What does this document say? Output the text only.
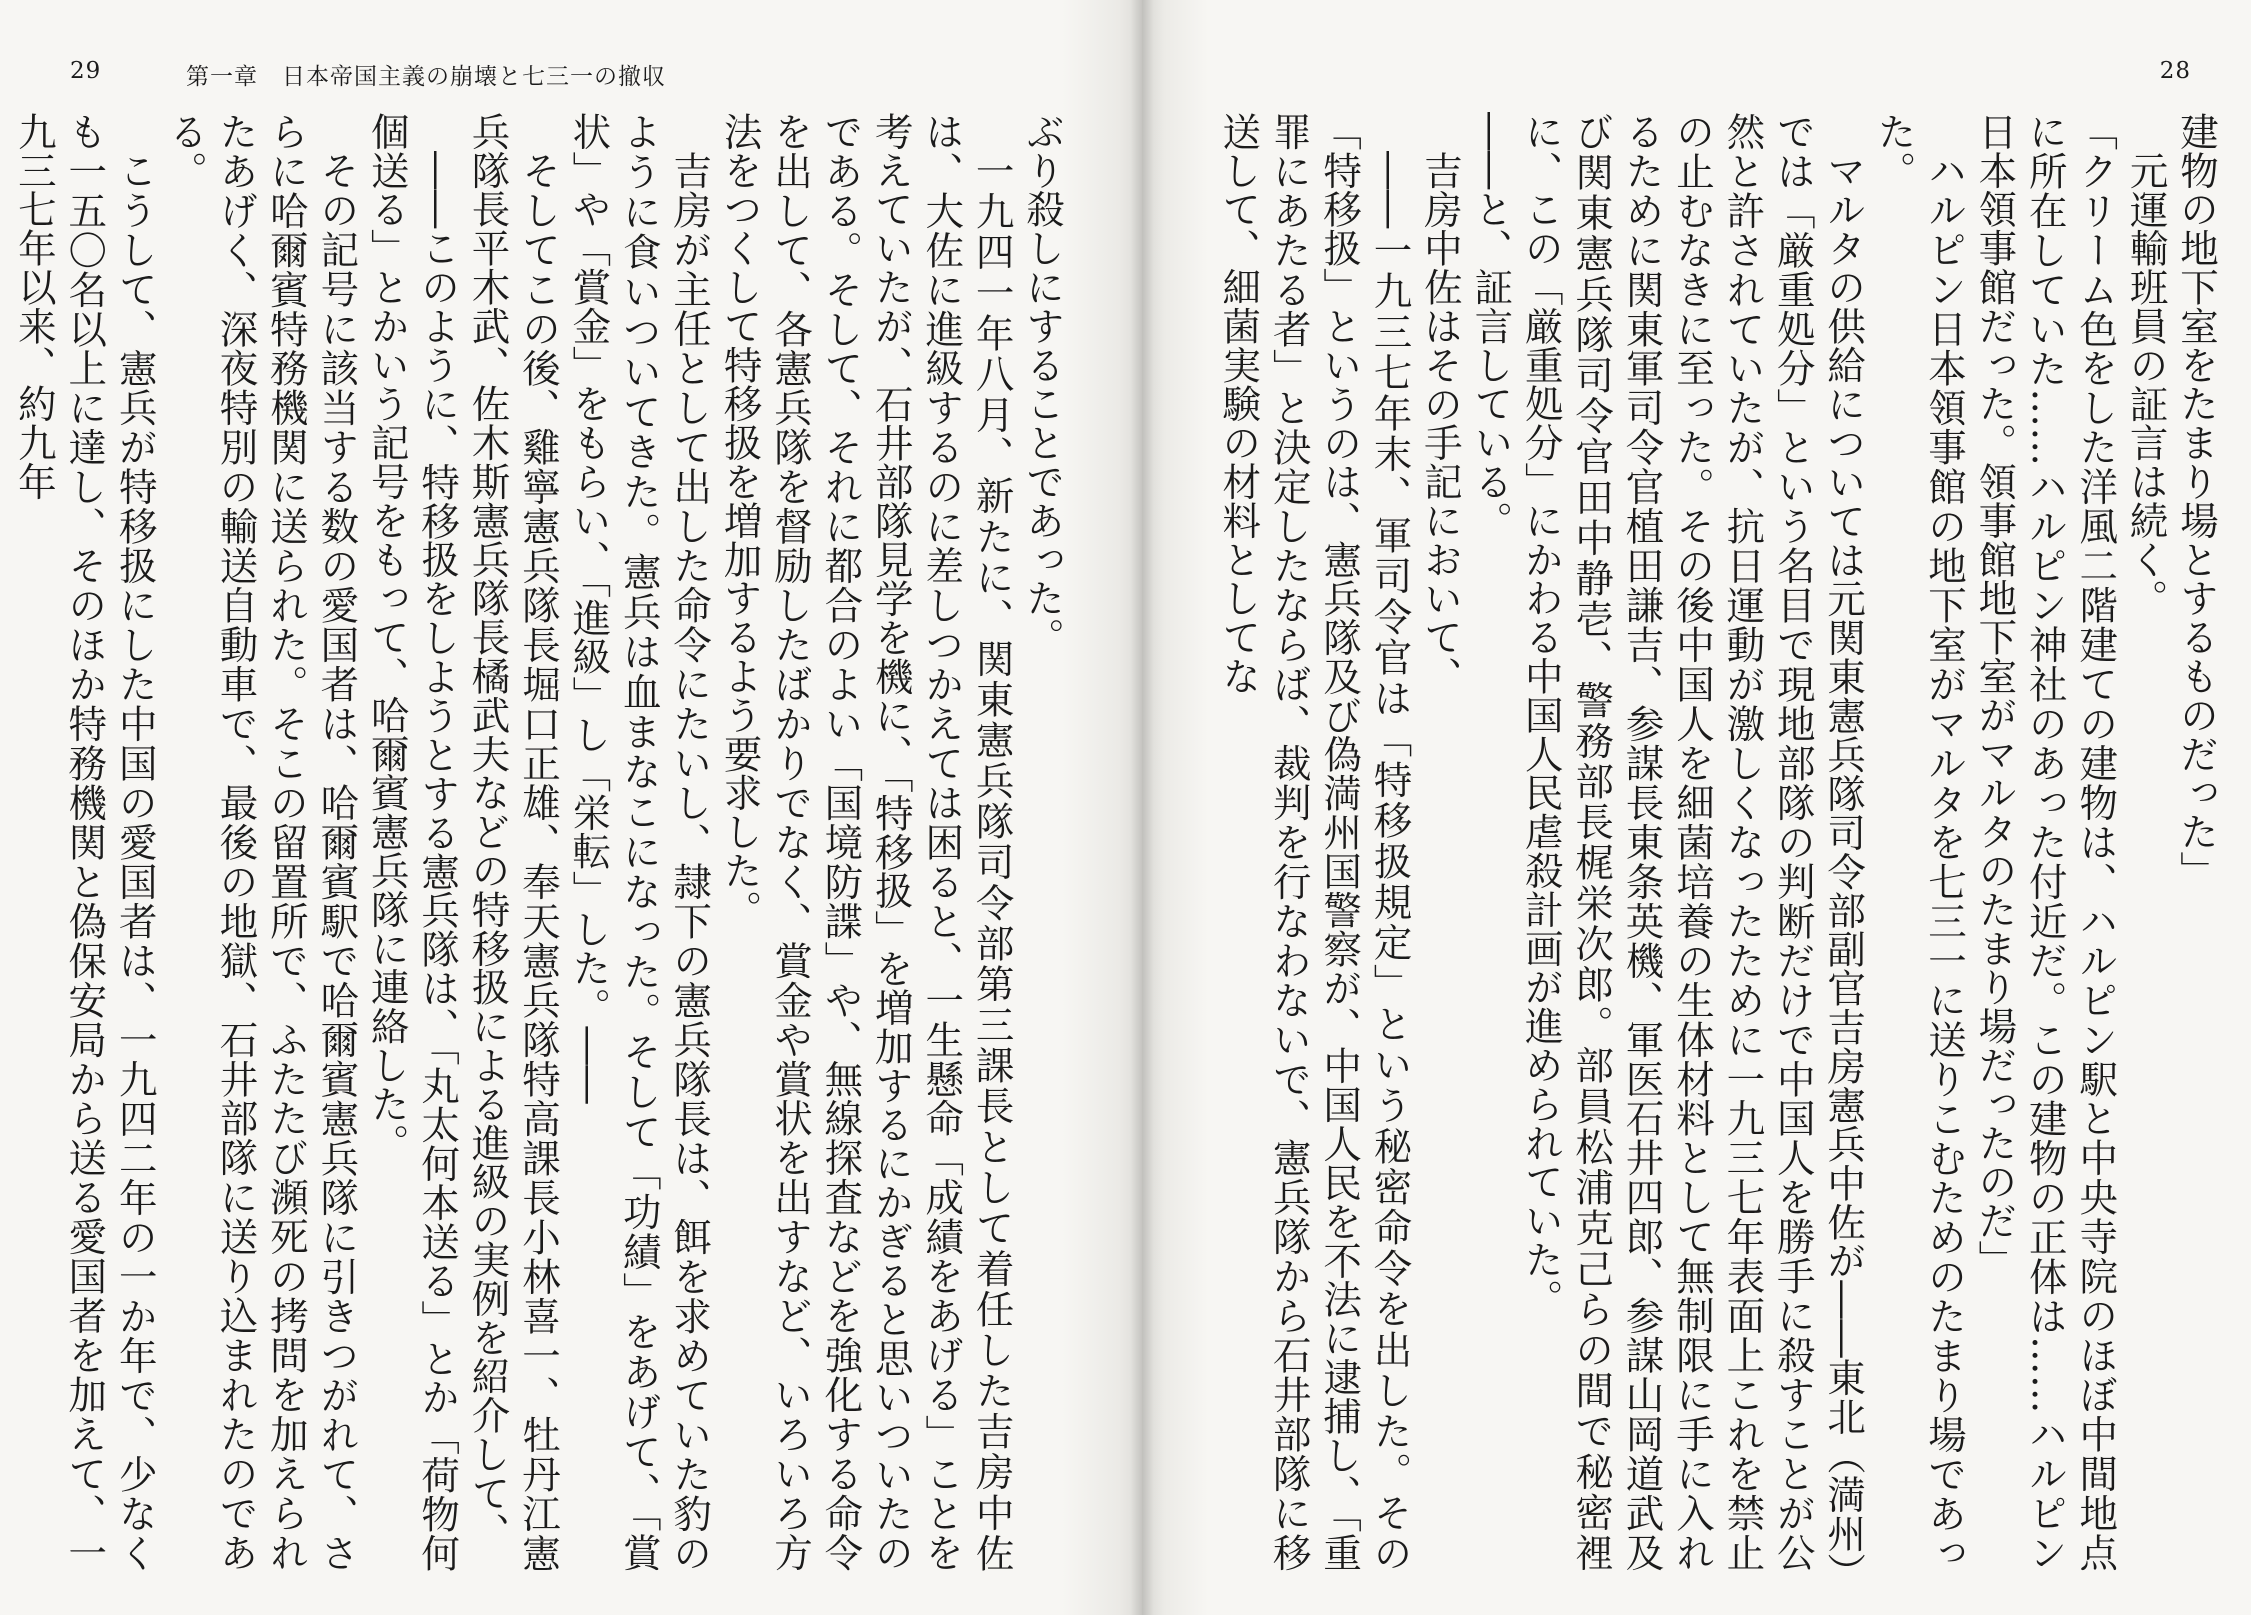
29	第一章　日本帝国主義の崩壊と七三一の撤収

ぶり殺しにすることであった。

一九四一年八月、新たに、関東憲兵隊司令部第三課長として着任した吉房中佐は、大佐に進級するのに差しつかえては困ると、一生懸命「成績をあげる」ことを考えていたが、石井部隊見学を機に、「特移扱」を増加するにかぎると思いついたのである。そして、それに都合のよい「国境防諜」や、無線探査などを強化する命令を出して、各憲兵隊を督励したばかりでなく、賞金や賞状を出すなど、いろいろ方法をつくして特移扱を増加するよう要求した。

吉房が主任として出した命令にたいし、隷下の憲兵隊長は、餌を求めていた豹のように食いついてきた。憲兵は血まなこになった。そして「功績」をあげて、「賞状」や「賞金」をもらい、「進級」し「栄転」した。――

そしてこの後、雞寧憲兵隊長堀口正雄、奉天憲兵隊特高課長小林喜一、牡丹江憲兵隊長平木武、佐木斯憲兵隊長橘武夫などの特移扱による進級の実例を紹介して、

――このように、特移扱をしようとする憲兵隊は、「丸太何本送る」とか「荷物何個送る」とかいう記号をもって、哈爾賓憲兵隊に連絡した。

その記号に該当する数の愛国者は、哈爾賓駅で哈爾賓憲兵隊に引きつがれて、さらに哈爾賓特務機関に送られた。そこの留置所で、ふたたび瀕死の拷問を加えられたあげく、深夜特別の輸送自動車で、最後の地獄、石井部隊に送り込まれたのである。

こうして、憲兵が特移扱にした中国の愛国者は、一九四二年の一か年で、少なくも一五〇名以上に達し、そのほか特務機関と偽保安局から送る愛国者を加えて、一九三七年以来、約九年

28

建物の地下室をたまり場とするものだった」

元運輸班員の証言は続く。

「クリーム色をした洋風二階建ての建物は、ハルピン駅と中央寺院のほぼ中間地点に所在していた……ハルピン神社のあった付近だ。この建物の正体は……ハルピン日本領事館だった。領事館地下室がマルタのたまり場だったのだ」

ハルピン日本領事館の地下室がマルタを七三一に送りこむためのたまり場であった。

マルタの供給については元関東憲兵隊司令部副官吉房憲兵中佐が――東北（満州）では「厳重処分」という名目で現地部隊の判断だけで中国人を勝手に殺すことが公然と許されていたが、抗日運動が激しくなったために一九三七年表面上これを禁止の止むなきに至った。その後中国人を細菌培養の生体材料として無制限に手に入れるために関東軍司令官植田謙吉、参謀長東条英機、軍医石井四郎、参謀山岡道武及び関東憲兵隊司令官田中静壱、警務部長梶栄次郎。部員松浦克己らの間で秘密裡に、この「厳重処分」にかわる中国人民虐殺計画が進められていた。

――と、証言している。

吉房中佐はその手記において、

――一九三七年末、軍司令官は「特移扱規定」という秘密命令を出した。その「特移扱」というのは、憲兵隊及び偽満州国警察が、中国人民を不法に逮捕し、「重罪にあたる者」と決定したならば、裁判を行なわないで、憲兵隊から石井部隊に移送して、細菌実験の材料としてな
